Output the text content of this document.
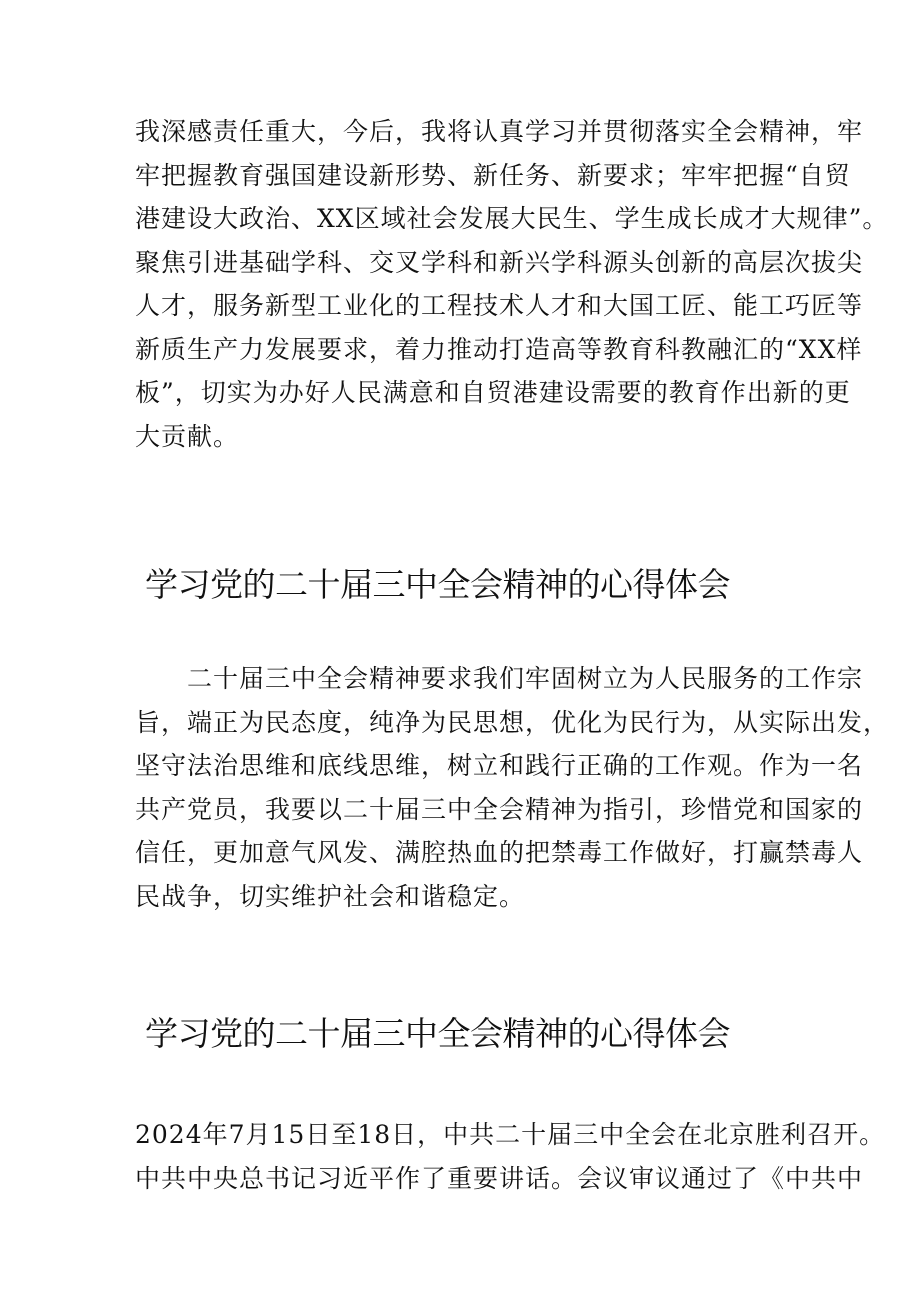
我深感责任重大，今后，我将认真学习并贯彻落实全会精神，牢
牢把握教育强国建设新形势、新任务、新要求；牢牢把握“自贸
港建设大政治、XX区域社会发展大民生、学生成长成才大规律”。
聚焦引进基础学科、交叉学科和新兴学科源头创新的高层次拔尖
人才，服务新型工业化的工程技术人才和大国工匠、能工巧匠等
新质生产力发展要求，着力推动打造高等教育科教融汇的“XX样
板”，切实为办好人民满意和自贸港建设需要的教育作出新的更
大贡献。
学习党的二十届三中全会精神的心得体会
　　二十届三中全会精神要求我们牢固树立为人民服务的工作宗
旨，端正为民态度，纯净为民思想，优化为民行为，从实际出发，
坚守法治思维和底线思维，树立和践行正确的工作观。作为一名
共产党员，我要以二十届三中全会精神为指引，珍惜党和国家的
信任，更加意气风发、满腔热血的把禁毒工作做好，打赢禁毒人
民战争，切实维护社会和谐稳定。
学习党的二十届三中全会精神的心得体会
2024年7月15日至18日，中共二十届三中全会在北京胜利召开。
中共中央总书记习近平作了重要讲话。会议审议通过了《中共中
